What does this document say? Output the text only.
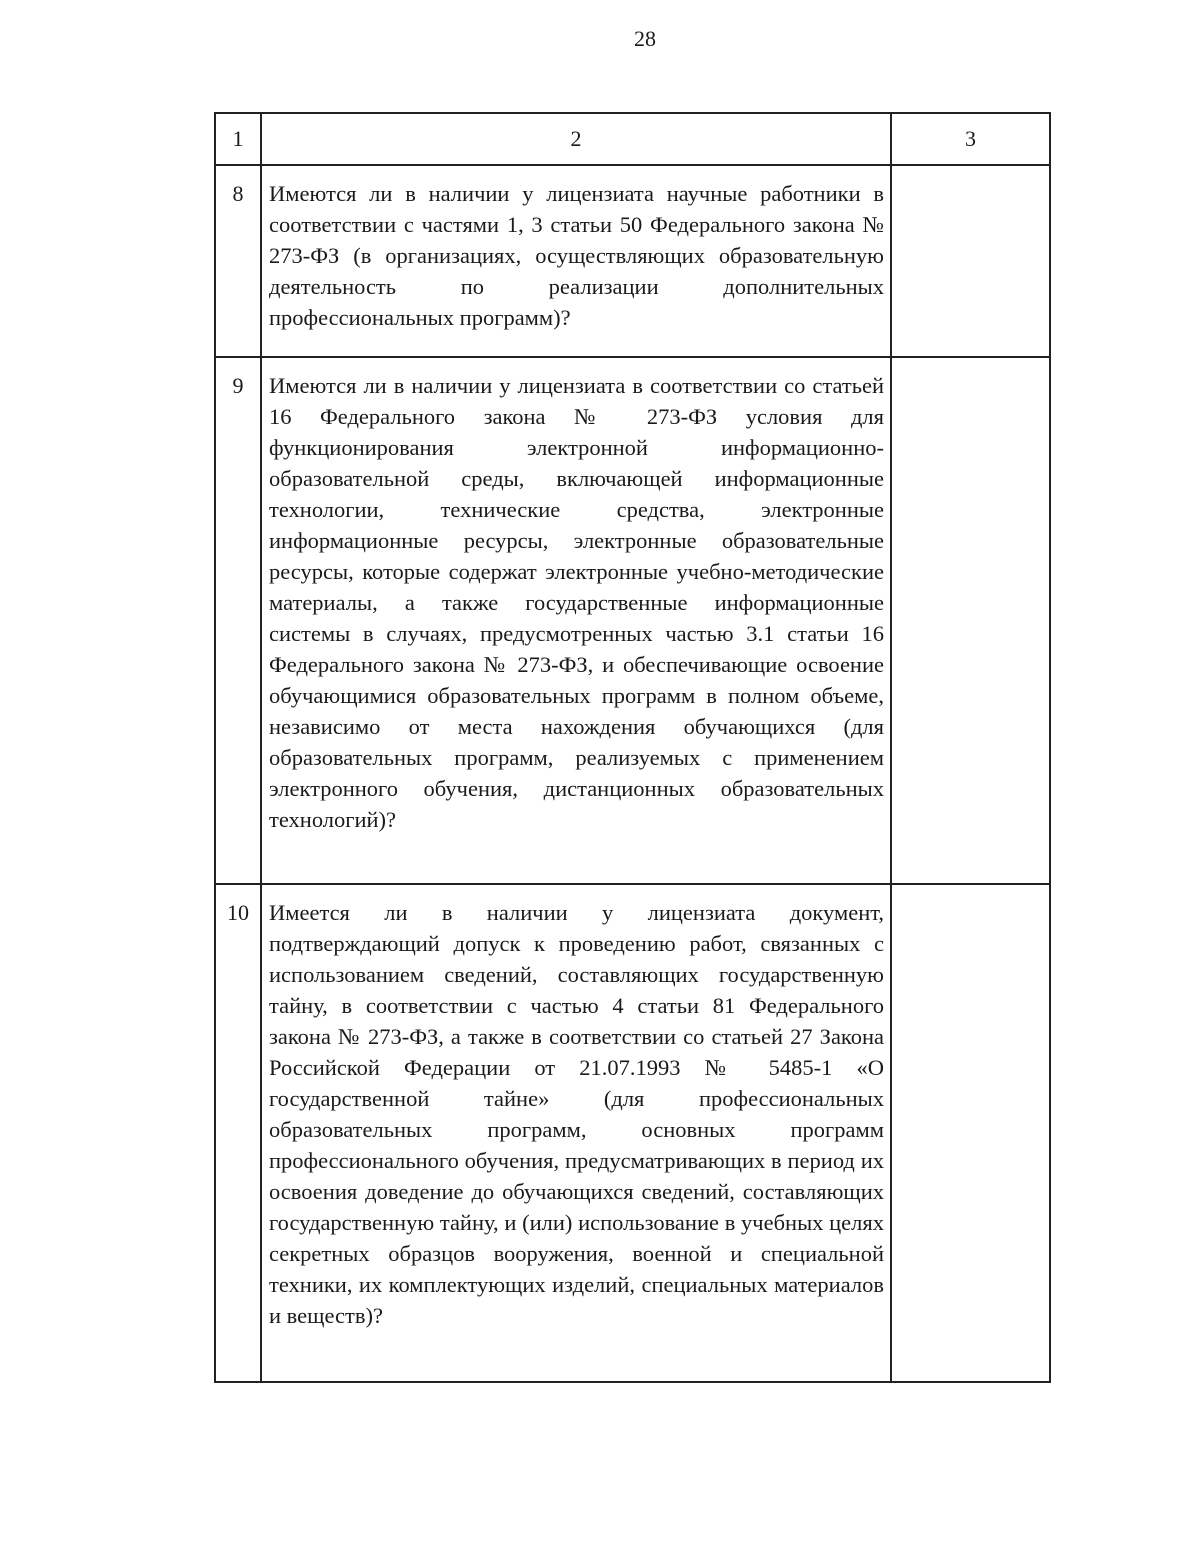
28
1	2	3
8	Имеются ли в наличии у лицензиата научные работники в соответствии с частями 1, 3 статьи 50 Федерального закона № 273-ФЗ (в организациях, осуществляющих образовательную деятельность по реализации дополнительных профессиональных программ)?	
9	Имеются ли в наличии у лицензиата в соответствии со статьей 16 Федерального закона № 273-ФЗ условия для функционирования электронной информационно-образовательной среды, включающей информационные технологии, технические средства, электронные информационные ресурсы, электронные образовательные ресурсы, которые содержат электронные учебно-методические материалы, а также государственные информационные системы в случаях, предусмотренных частью 3.1 статьи 16 Федерального закона № 273-ФЗ, и обеспечивающие освоение обучающимися образовательных программ в полном объеме, независимо от места нахождения обучающихся (для образовательных программ, реализуемых с применением электронного обучения, дистанционных образовательных технологий)?	
10	Имеется ли в наличии у лицензиата документ, подтверждающий допуск к проведению работ, связанных с использованием сведений, составляющих государственную тайну, в соответствии с частью 4 статьи 81 Федерального закона № 273-ФЗ, а также в соответствии со статьей 27 Закона Российской Федерации от 21.07.1993 № 5485-1 «О государственной тайне» (для профессиональных образовательных программ, основных программ профессионального обучения, предусматривающих в период их освоения доведение до обучающихся сведений, составляющих государственную тайну, и (или) использование в учебных целях секретных образцов вооружения, военной и специальной техники, их комплектующих изделий, специальных материалов и веществ)?	
